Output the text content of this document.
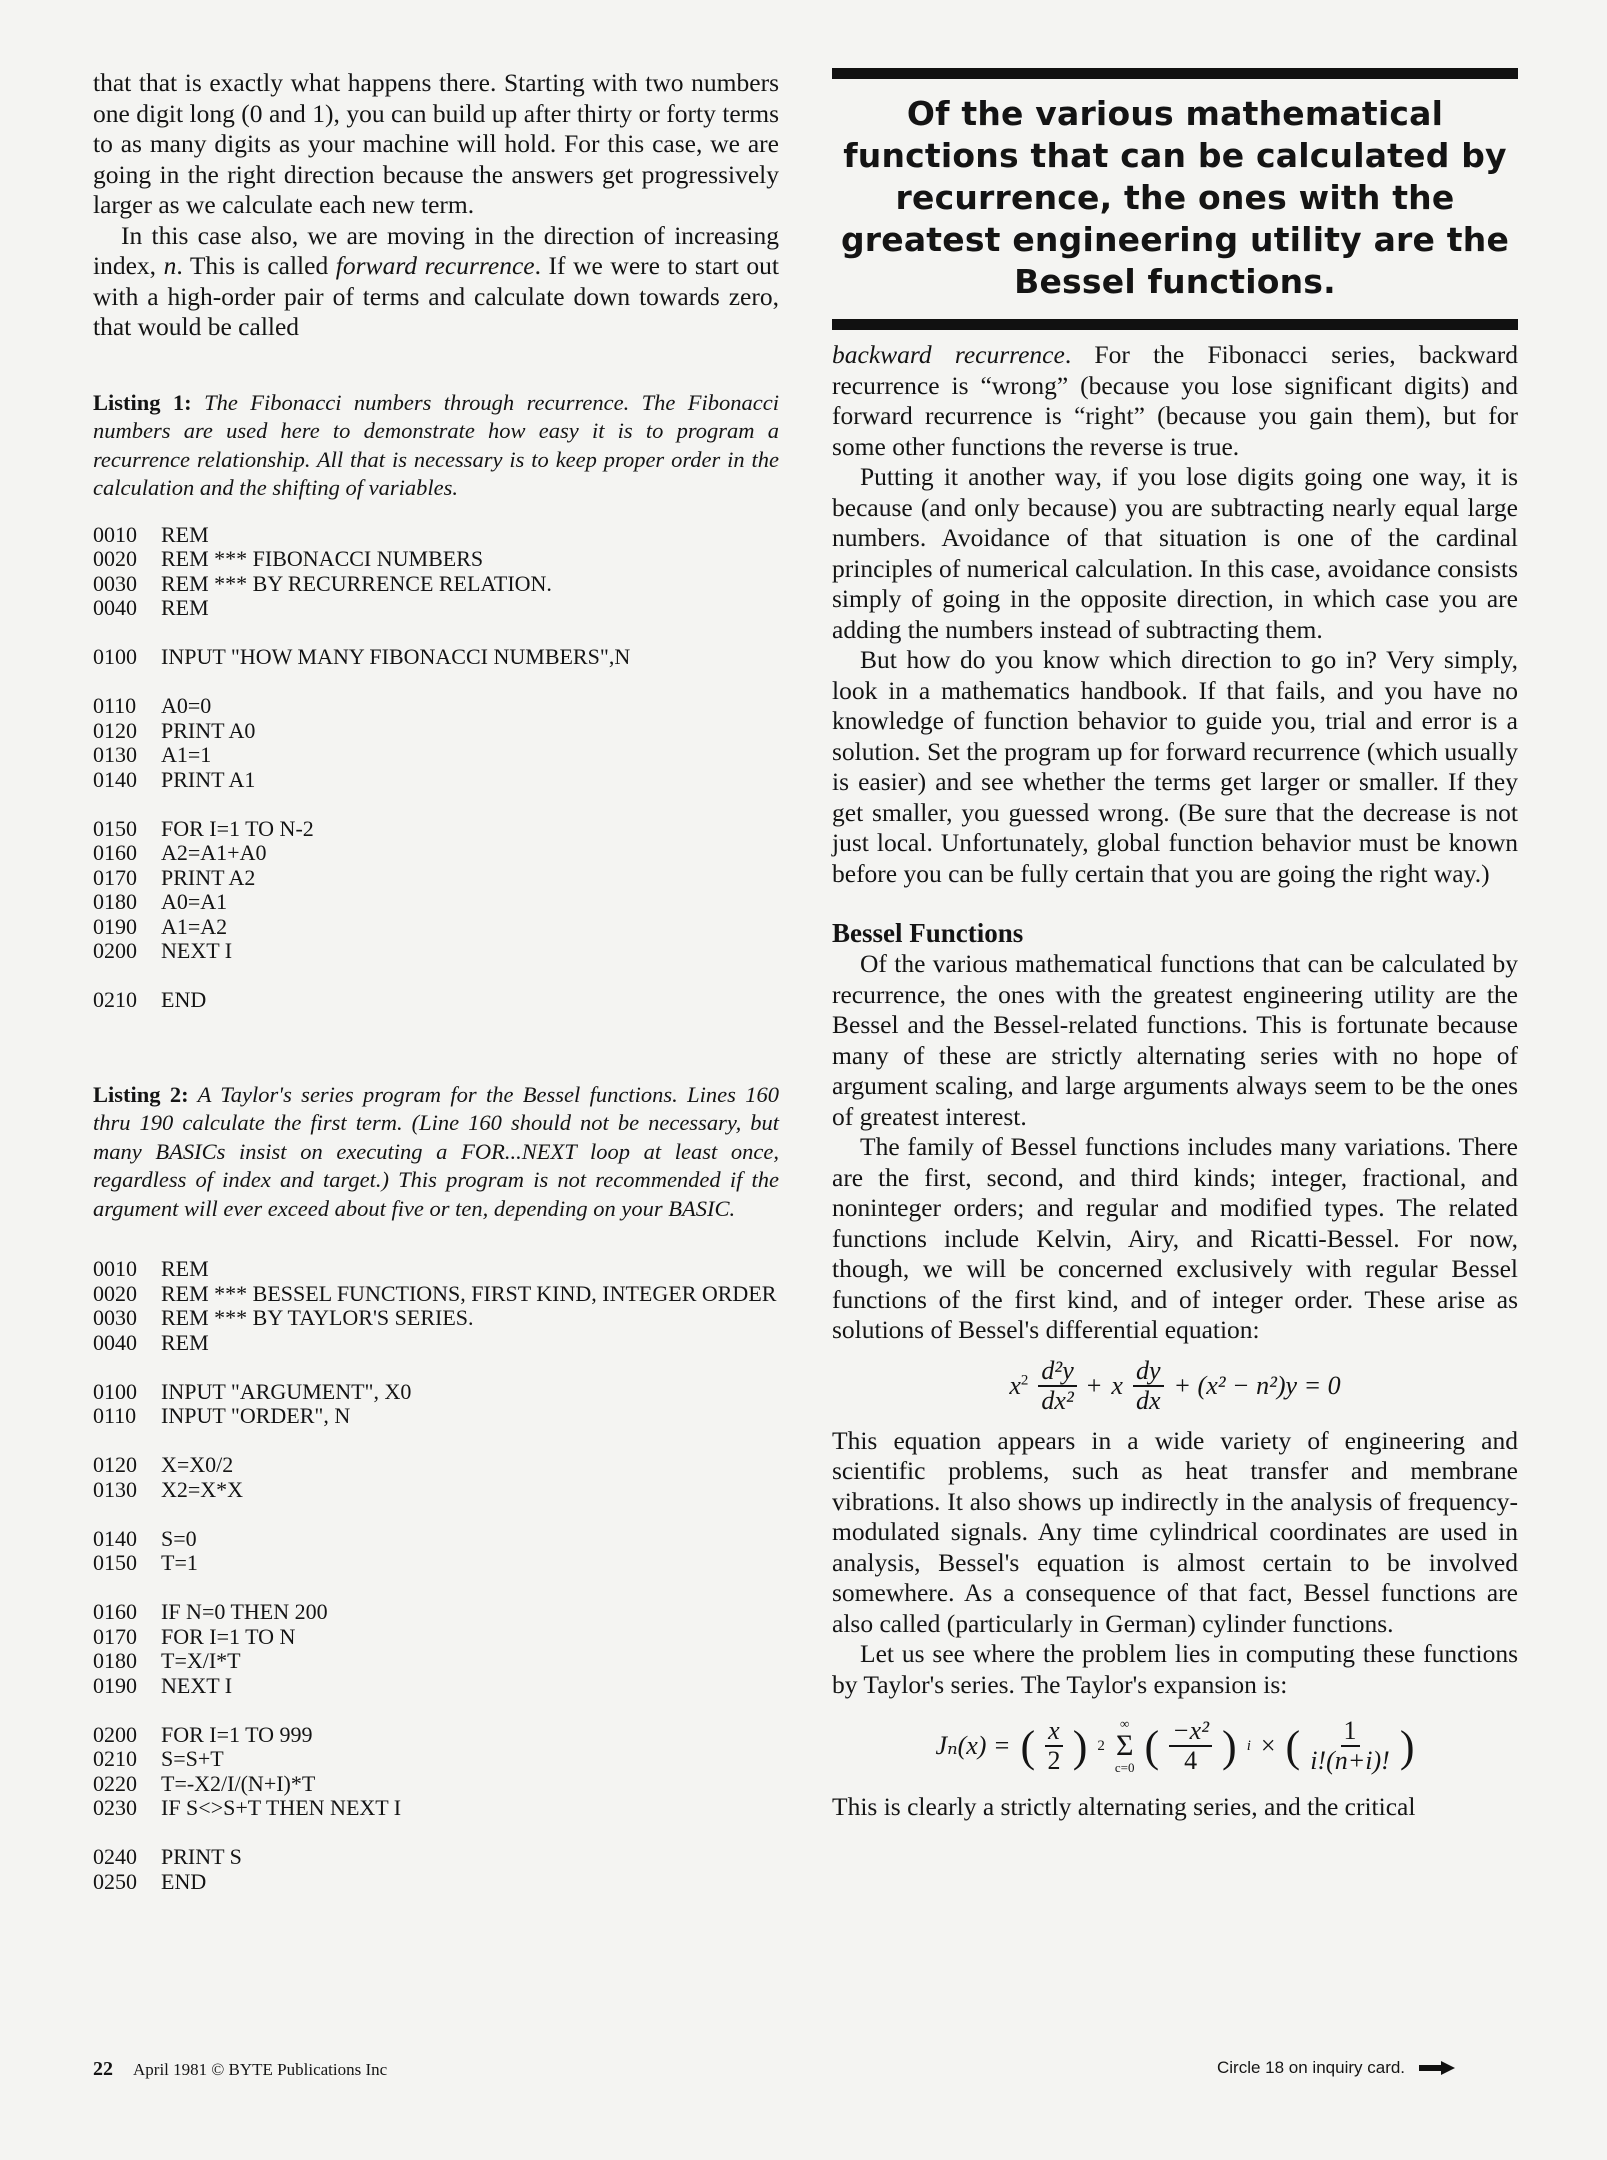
that that is exactly what happens there. Starting with two numbers one digit long (0 and 1), you can build up after thirty or forty terms to as many digits as your machine will hold. For this case, we are going in the right direction because the answers get progressively larger as we calculate each new term.

In this case also, we are moving in the direction of increasing index, n. This is called forward recurrence. If we were to start out with a high-order pair of terms and calculate down towards zero, that would be called

Listing 1: The Fibonacci numbers through recurrence. The Fibonacci numbers are used here to demonstrate how easy it is to program a recurrence relationship. All that is necessary is to keep proper order in the calculation and the shifting of variables.

0010	REM
0020	REM *** FIBONACCI NUMBERS
0030	REM *** BY RECURRENCE RELATION.
0040	REM
0100	INPUT "HOW MANY FIBONACCI NUMBERS",N
0110	A0=0
0120	PRINT A0
0130	A1=1
0140	PRINT A1
0150	FOR I=1 TO N-2
0160	A2=A1+A0
0170	PRINT A2
0180	A0=A1
0190	A1=A2
0200	NEXT I
0210	END

Listing 2: A Taylor's series program for the Bessel functions. Lines 160 thru 190 calculate the first term. (Line 160 should not be necessary, but many BASICs insist on executing a FOR...NEXT loop at least once, regardless of index and target.) This program is not recommended if the argument will ever exceed about five or ten, depending on your BASIC.

0010	REM
0020	REM *** BESSEL FUNCTIONS, FIRST KIND, INTEGER ORDER
0030	REM *** BY TAYLOR'S SERIES.
0040	REM
0100	INPUT "ARGUMENT", X0
0110	INPUT "ORDER", N
0120	X=X0/2
0130	X2=X*X
0140	S=0
0150	T=1
0160	IF N=0 THEN 200
0170	FOR I=1 TO N
0180	T=X/I*T
0190	NEXT I
0200	FOR I=1 TO 999
0210	S=S+T
0220	T=-X2/I/(N+I)*T
0230	IF S<>S+T THEN NEXT I
0240	PRINT S
0250	END
Of the various mathematical functions that can be calculated by recurrence, the ones with the greatest engineering utility are the Bessel functions.

backward recurrence. For the Fibonacci series, backward recurrence is “wrong” (because you lose significant digits) and forward recurrence is “right” (because you gain them), but for some other functions the reverse is true.

Putting it another way, if you lose digits going one way, it is because (and only because) you are subtracting nearly equal large numbers. Avoidance of that situation is one of the cardinal principles of numerical calculation. In this case, avoidance consists simply of going in the opposite direction, in which case you are adding the numbers instead of subtracting them.

But how do you know which direction to go in? Very simply, look in a mathematics handbook. If that fails, and you have no knowledge of function behavior to guide you, trial and error is a solution. Set the program up for forward recurrence (which usually is easier) and see whether the terms get larger or smaller. If they get smaller, you guessed wrong. (Be sure that the decrease is not just local. Unfortunately, global function behavior must be known before you can be fully certain that you are going the right way.)

Bessel Functions

Of the various mathematical functions that can be calculated by recurrence, the ones with the greatest engineering utility are the Bessel and the Bessel-related functions. This is fortunate because many of these are strictly alternating series with no hope of argument scaling, and large arguments always seem to be the ones of greatest interest.

The family of Bessel functions includes many variations. There are the first, second, and third kinds; integer, fractional, and noninteger orders; and regular and modified types. The related functions include Kelvin, Airy, and Ricatti-Bessel. For now, though, we will be concerned exclusively with regular Bessel functions of the first kind, and of integer order. These arise as solutions of Bessel's differential equation:

$x^2 \frac{\text{d²y}}{\text{dx²}} + x \frac{dy}{dx} + (x^2 - n^2)y = 0$

This equation appears in a wide variety of engineering and scientific problems, such as heat transfer and membrane vibrations. It also shows up indirectly in the analysis of frequency-modulated signals. Any time cylindrical coordinates are used in analysis, Bessel's equation is almost certain to be involved somewhere. As a consequence of that fact, Bessel functions are also called (particularly in German) cylinder functions.

Let us see where the problem lies in computing these functions by Taylor's series. The Taylor's expansion is:

Jₙ(x) = ( $\frac{x}{2}$ ) 2
∞
Σ
c=0 ( $\frac{\text{−x²}}{4}$ ) i × ( $\frac{1}{i!(n+i)!}$ )

This is clearly a strictly alternating series, and the critical

22 April 1981 © BYTE Publications Inc	Circle 18 on inquiry card.
